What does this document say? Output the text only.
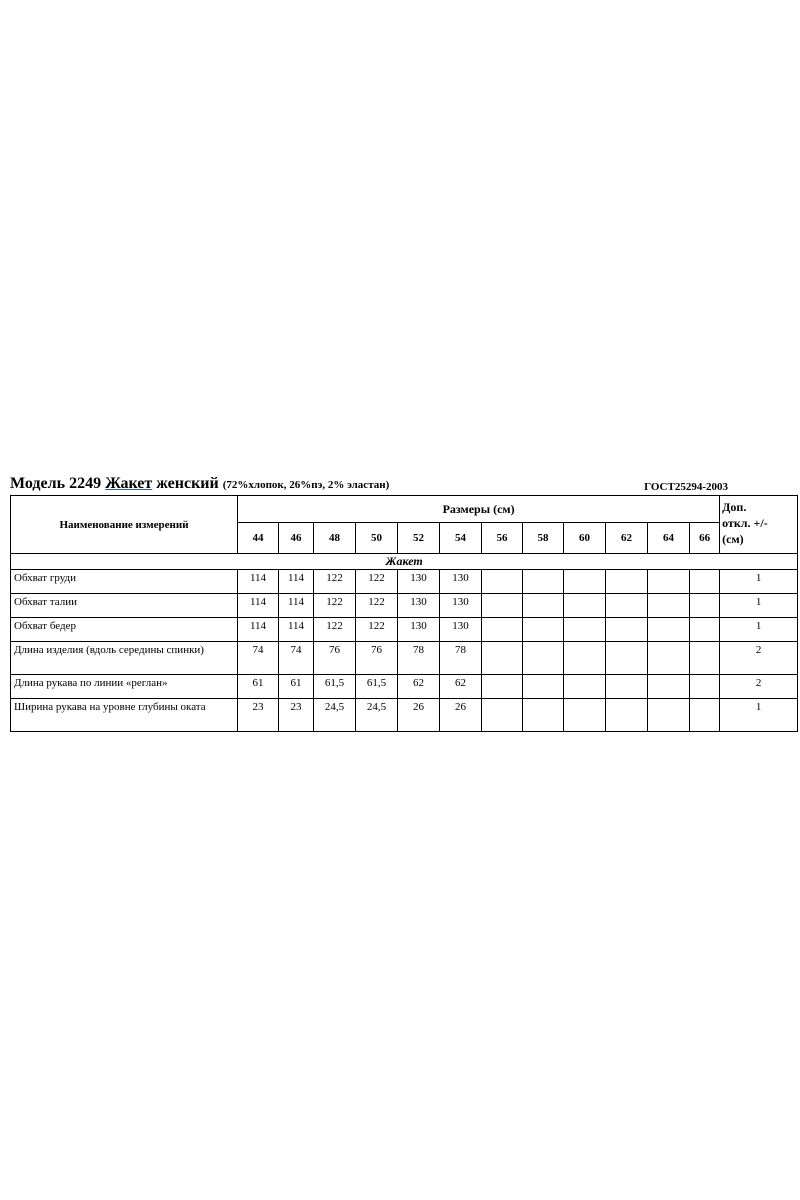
Модель 2249 Жакет женский (72%хлопок, 26%пэ, 2% эластан)	ГОСТ25294-2003
Наименование измерений	Размеры (см)												Доп.
откл. +/-
(см)

	44	46	48	50	52	54	56	58	60	62	64	66	
Жакет													
Обхват груди	114	114	122	122	130	130							1
Обхват талии	114	114	122	122	130	130							1
Обхват бедер	114	114	122	122	130	130							1
Длина изделия (вдоль середины спинки)	74	74	76	76	78	78							2
Длина рукава по линии «реглан»	61	61	61,5	61,5	62	62							2
Ширина рукава на уровне глубины оката	23	23	24,5	24,5	26	26							1
